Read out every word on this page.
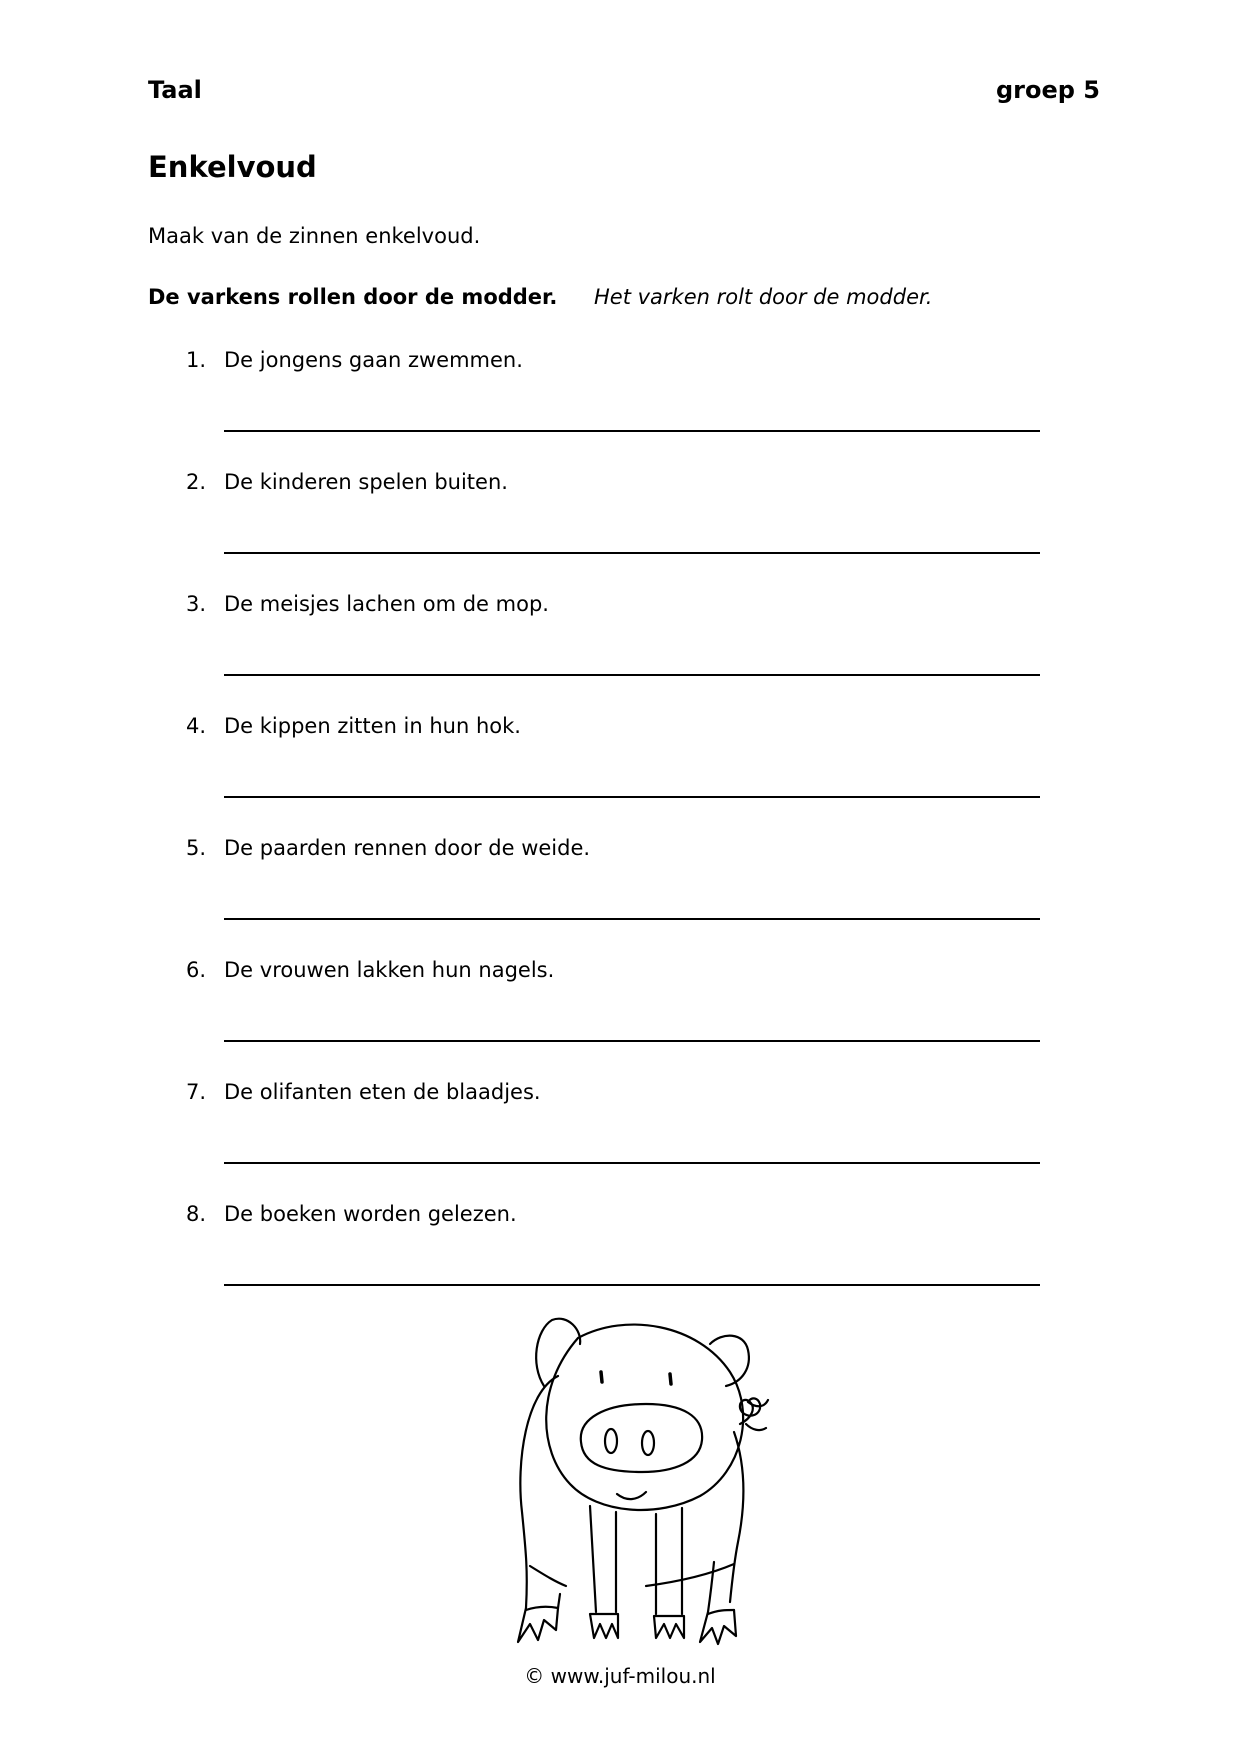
Taal	groep 5
Enkelvoud
Maak van de zinnen enkelvoud.
De varkens rollen door de modder. Het varken rolt door de modder.
1. De jongens gaan zwemmen.
2. De kinderen spelen buiten.
3. De meisjes lachen om de mop.
4. De kippen zitten in hun hok.
5. De paarden rennen door de weide.
6. De vrouwen lakken hun nagels.
7. De olifanten eten de blaadjes.
8. De boeken worden gelezen.
© www.juf-milou.nl
